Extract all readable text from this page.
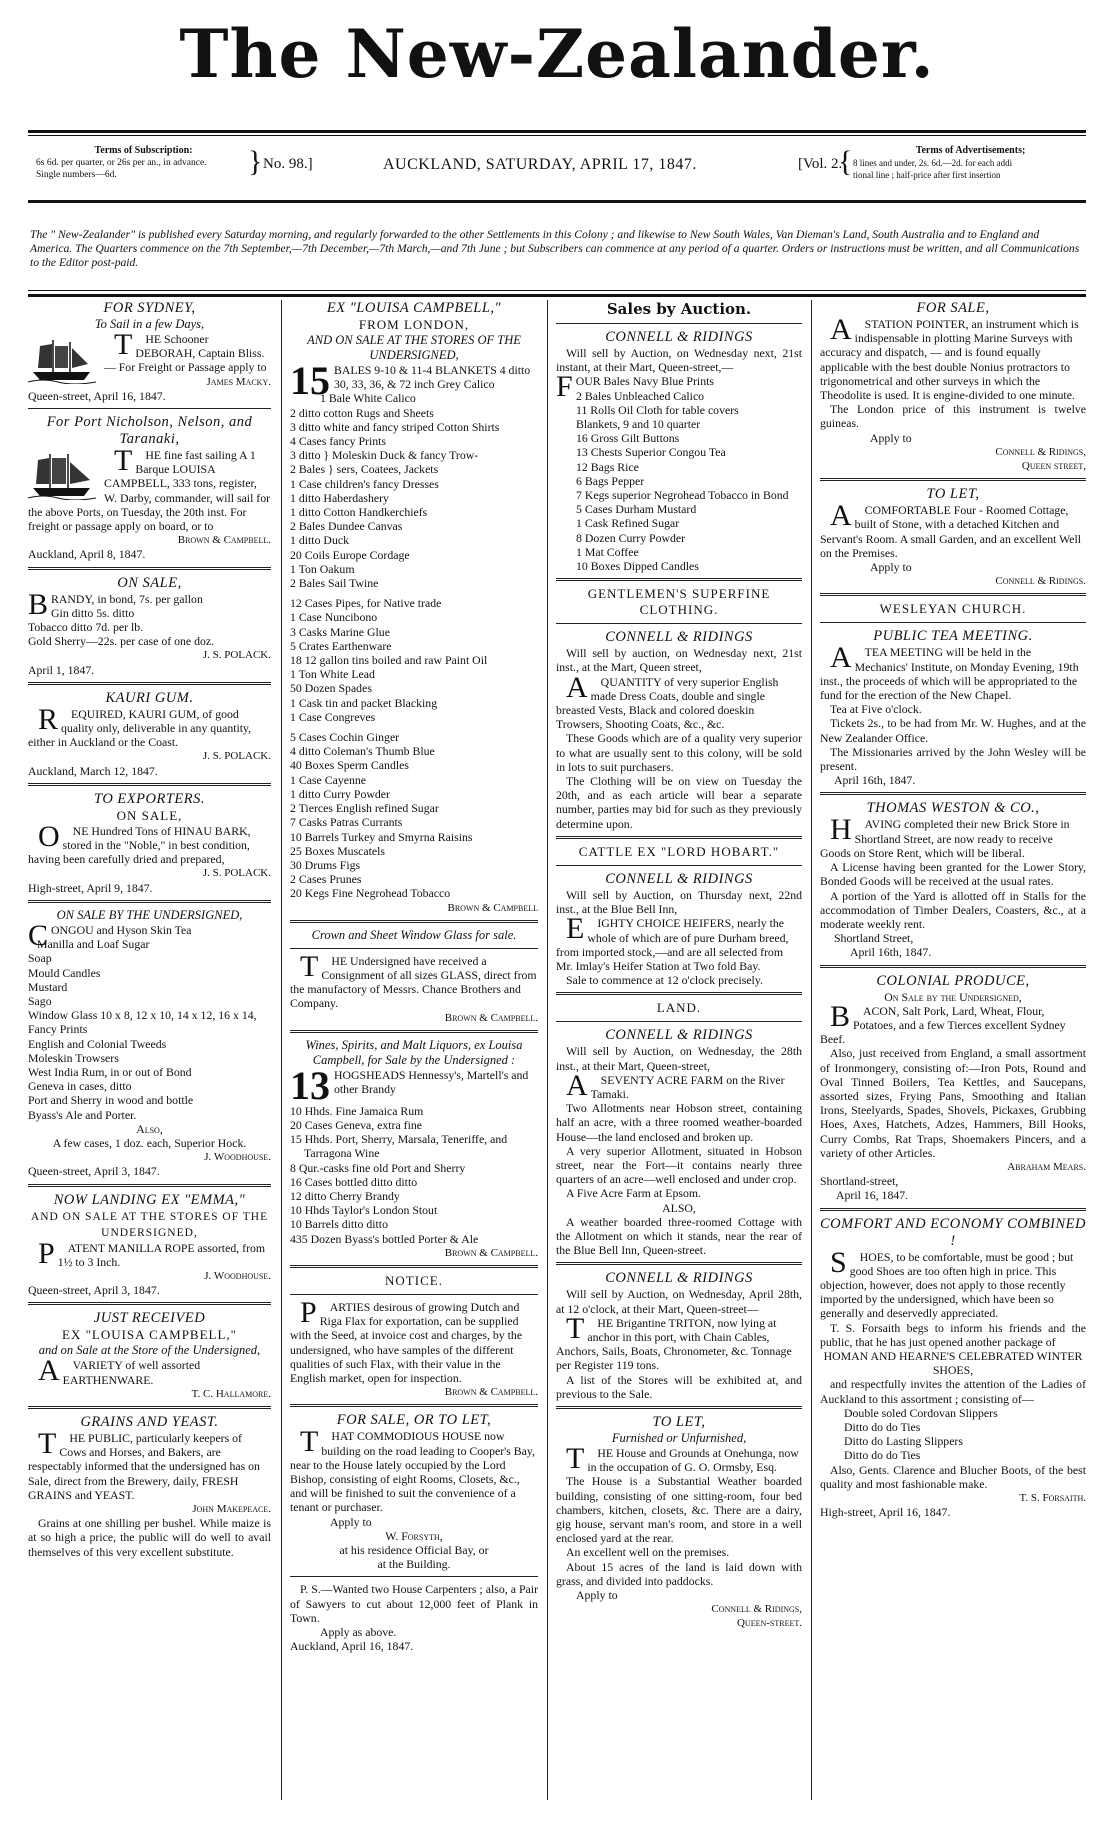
The New-Zealander.
Terms of Subscription:
6s 6d. per quarter, or 26s per an., in advance.
Single numbers—6d.	} No. 98.]	AUCKLAND, SATURDAY, APRIL 17, 1847.	[Vol. 2.
{	Terms of Advertisements;
8 lines and under, 2s. 6d.—2d. for each addi
tional line ; half-price after first insertion
The " New-Zealander" is published every Saturday morning, and regularly forwarded to the other Settlements in this Colony ; and likewise to New South Wales, Van Dieman's Land, South Australia and to England and America. The Quarters commence on the 7th September,—7th December,—7th March,—and 7th June ; but Subscribers can commence at any period of a quarter. Orders or instructions must be written, and all Communications to the Editor post-paid.
FOR SYDNEY,
To Sail in a few Days,
T HE Schooner DEBORAH, Captain Bliss. — For Freight or Passage apply to
James Macky.
Queen-street, April 16, 1847.
For Port Nicholson, Nelson, and Taranaki,
T HE fine fast sailing A 1 Barque LOUISA CAMPBELL, 333 tons, register, W. Darby, commander, will sail for the above Ports, on Tuesday, the 20th inst. For freight or passage apply on board, or to
Brown & Campbell.
Auckland, April 8, 1847.
ON SALE,
BRANDY, in bond, 7s. per gallon
Gin ditto 5s. ditto
Tobacco ditto 7d. per lb.
Gold Sherry—22s. per case of one doz.
J. S. POLACK.
April 1, 1847.
KAURI GUM.
R EQUIRED, KAURI GUM, of good quality only, deliverable in any quantity, either in Auckland or the Coast.
J. S. POLACK.
Auckland, March 12, 1847.
TO EXPORTERS.
ON SALE,
O NE Hundred Tons of HINAU BARK, stored in the "Noble," in best condition, having been carefully dried and prepared,
J. S. POLACK.
High-street, April 9, 1847.
ON SALE BY THE UNDERSIGNED,
CONGOU and Hyson Skin Tea
Manilla and Loaf Sugar
Soap
Mould Candles
Mustard
Sago
Window Glass 10 x 8, 12 x 10, 14 x 12, 16 x 14,
Fancy Prints
English and Colonial Tweeds
Moleskin Trowsers
West India Rum, in or out of Bond
Geneva in cases, ditto
Port and Sherry in wood and bottle
Byass's Ale and Porter.
Also,
A few cases, 1 doz. each, Superior Hock.
J. Woodhouse.
Queen-street, April 3, 1847.
NOW LANDING EX "EMMA,"
AND ON SALE AT THE STORES OF THE UNDERSIGNED,
P ATENT MANILLA ROPE assorted, from 1½ to 3 Inch.
J. Woodhouse.
Queen-street, April 3, 1847.
JUST RECEIVED
EX "LOUISA CAMPBELL,"
and on Sale at the Store of the Undersigned,
A VARIETY of well assorted EARTHENWARE.
T. C. Hallamore.
GRAINS AND YEAST.
T HE PUBLIC, particularly keepers of Cows and Horses, and Bakers, are respectably informed that the undersigned has on Sale, direct from the Brewery, daily, FRESH GRAINS and YEAST.
John Makepeace.
Grains at one shilling per bushel. While maize is at so high a price, the public will do well to avail themselves of this very excellent substitute.
EX "LOUISA CAMPBELL,"
FROM LONDON,
AND ON SALE AT THE STORES OF THE UNDERSIGNED,
15 BALES 9-10 & 11-4 BLANKETS 4 ditto 30, 33, 36, & 72 inch Grey Calico
1 Bale White Calico
2 ditto cotton Rugs and Sheets
3 ditto white and fancy striped Cotton Shirts
4 Cases fancy Prints
3 ditto } Moleskin Duck & fancy Trow-
2 Bales } sers, Coatees, Jackets
1 Case children's fancy Dresses
1 ditto Haberdashery
1 ditto Cotton Handkerchiefs
2 Bales Dundee Canvas
1 ditto Duck
20 Coils Europe Cordage
1 Ton Oakum
2 Bales Sail Twine
12 Cases Pipes, for Native trade
1 Case Nuncibono
3 Casks Marine Glue
5 Crates Earthenware
18 12 gallon tins boiled and raw Paint Oil
1 Ton White Lead
50 Dozen Spades
1 Cask tin and packet Blacking
1 Case Congreves
5 Cases Cochin Ginger
4 ditto Coleman's Thumb Blue
40 Boxes Sperm Candles
1 Case Cayenne
1 ditto Curry Powder
2 Tierces English refined Sugar
7 Casks Patras Currants
10 Barrels Turkey and Smyrna Raisins
25 Boxes Muscatels
30 Drums Figs
2 Cases Prunes
20 Kegs Fine Negrohead Tobacco
Brown & Campbell
Crown and Sheet Window Glass for sale.
T HE Undersigned have received a Consignment of all sizes GLASS, direct from the manufactory of Messrs. Chance Brothers and Company.
Brown & Campbell.
Wines, Spirits, and Malt Liquors, ex Louisa Campbell, for Sale by the Undersigned :
13 HOGSHEADS Hennessy's, Martell's and other Brandy
10 Hhds. Fine Jamaica Rum
20 Cases Geneva, extra fine
15 Hhds. Port, Sherry, Marsala, Teneriffe, and Tarragona Wine
8 Qur.-casks fine old Port and Sherry
16 Cases bottled ditto ditto
12 ditto Cherry Brandy
10 Hhds Taylor's London Stout
10 Barrels ditto ditto
435 Dozen Byass's bottled Porter & Ale
Brown & Campbell.
NOTICE.
P ARTIES desirous of growing Dutch and Riga Flax for exportation, can be supplied with the Seed, at invoice cost and charges, by the undersigned, who have samples of the different qualities of such Flax, with their value in the English market, open for inspection.
Brown & Campbell.
FOR SALE, OR TO LET,
T HAT COMMODIOUS HOUSE now building on the road leading to Cooper's Bay, near to the House lately occupied by the Lord Bishop, consisting of eight Rooms, Closets, &c., and will be finished to suit the convenience of a tenant or purchaser.
Apply to
W. Forsyth,
at his residence Official Bay, or
at the Building.
P. S.—Wanted two House Carpenters ; also, a Pair of Sawyers to cut about 12,000 feet of Plank in Town.
Apply as above.
Auckland, April 16, 1847.
Sales by Auction.
CONNELL & RIDINGS
Will sell by Auction, on Wednesday next, 21st instant, at their Mart, Queen-street,—
FOUR Bales Navy Blue Prints
2 Bales Unbleached Calico
11 Rolls Oil Cloth for table covers
Blankets, 9 and 10 quarter
16 Gross Gilt Buttons
13 Chests Superior Congou Tea
12 Bags Rice
6 Bags Pepper
7 Kegs superior Negrohead Tobacco in Bond
5 Cases Durham Mustard
1 Cask Refined Sugar
8 Dozen Curry Powder
1 Mat Coffee
10 Boxes Dipped Candles
GENTLEMEN'S SUPERFINE CLOTHING.
CONNELL & RIDINGS
Will sell by auction, on Wednesday next, 21st inst., at the Mart, Queen street,
A QUANTITY of very superior English made Dress Coats, double and single breasted Vests, Black and colored doeskin Trowsers, Shooting Coats, &c., &c.
These Goods which are of a quality very superior to what are usually sent to this colony, will be sold in lots to suit purchasers.
The Clothing will be on view on Tuesday the 20th, and as each article will bear a separate number, parties may bid for such as they previously determine upon.
CATTLE EX "LORD HOBART."
CONNELL & RIDINGS
Will sell by Auction, on Thursday next, 22nd inst., at the Blue Bell Inn,
E IGHTY CHOICE HEIFERS, nearly the whole of which are of pure Durham breed, from imported stock,—and are all selected from Mr. Imlay's Heifer Station at Two fold Bay.
Sale to commence at 12 o'clock precisely.
LAND.
CONNELL & RIDINGS
Will sell by Auction, on Wednesday, the 28th inst., at their Mart, Queen-street,
A SEVENTY ACRE FARM on the River Tamaki.
Two Allotments near Hobson street, containing half an acre, with a three roomed weather-boarded House—the land enclosed and broken up.
A very superior Allotment, situated in Hobson street, near the Fort—it contains nearly three quarters of an acre—well enclosed and under crop.
A Five Acre Farm at Epsom.
ALSO,
A weather boarded three-roomed Cottage with the Allotment on which it stands, near the rear of the Blue Bell Inn, Queen-street.
CONNELL & RIDINGS
Will sell by Auction, on Wednesday, April 28th, at 12 o'clock, at their Mart, Queen-street—
T HE Brigantine TRITON, now lying at anchor in this port, with Chain Cables, Anchors, Sails, Boats, Chronometer, &c. Tonnage per Register 119 tons.
A list of the Stores will be exhibited at, and previous to the Sale.
TO LET,
Furnished or Unfurnished,
T HE House and Grounds at Onehunga, now in the occupation of G. O. Ormsby, Esq.
The House is a Substantial Weather boarded building, consisting of one sitting-room, four bed chambers, kitchen, closets, &c. There are a dairy, gig house, servant man's room, and store in a well enclosed yard at the rear.
An excellent well on the premises.
About 15 acres of the land is laid down with grass, and divided into paddocks.
Apply to
Connell & Ridings,
Queen-street.
FOR SALE,
A STATION POINTER, an instrument which is indispensable in plotting Marine Surveys with accuracy and dispatch, — and is found equally applicable with the best double Nonius protractors to trigonometrical and other surveys in which the Theodolite is used. It is engine-divided to one minute.
The London price of this instrument is twelve guineas.
Apply to
Connell & Ridings,
Queen street,
TO LET,
A COMFORTABLE Four - Roomed Cottage, built of Stone, with a detached Kitchen and Servant's Room. A small Garden, and an excellent Well on the Premises.
Apply to
Connell & Ridings.
WESLEYAN CHURCH.
PUBLIC TEA MEETING.
A TEA MEETING will be held in the Mechanics' Institute, on Monday Evening, 19th inst., the proceeds of which will be appropriated to the fund for the erection of the New Chapel.
Tea at Five o'clock.
Tickets 2s., to be had from Mr. W. Hughes, and at the New Zealander Office.
The Missionaries arrived by the John Wesley will be present.
April 16th, 1847.
THOMAS WESTON & CO.,
H AVING completed their new Brick Store in Shortland Street, are now ready to receive Goods on Store Rent, which will be liberal.
A License having been granted for the Lower Story, Bonded Goods will be received at the usual rates.
A portion of the Yard is allotted off in Stalls for the accommodation of Timber Dealers, Coasters, &c., at a moderate weekly rent.
Shortland Street,
April 16th, 1847.
COLONIAL PRODUCE,
On Sale by the Undersigned,
B ACON, Salt Pork, Lard, Wheat, Flour, Potatoes, and a few Tierces excellent Sydney Beef.
Also, just received from England, a small assortment of Ironmongery, consisting of:—Iron Pots, Round and Oval Tinned Boilers, Tea Kettles, and Saucepans, assorted sizes, Frying Pans, Smoothing and Italian Irons, Steelyards, Spades, Shovels, Pickaxes, Grubbing Hoes, Axes, Hatchets, Adzes, Hammers, Bill Hooks, Curry Combs, Rat Traps, Shoemakers Pincers, and a variety of other Articles.
Abraham Mears.
Shortland-street,
April 16, 1847.
COMFORT AND ECONOMY COMBINED !
S HOES, to be comfortable, must be good ; but good Shoes are too often high in price. This objection, however, does not apply to those recently imported by the undersigned, which have been so generally and deservedly appreciated.
T. S. Forsaith begs to inform his friends and the public, that he has just opened another package of
HOMAN AND HEARNE'S CELEBRATED WINTER SHOES,
and respectfully invites the attention of the Ladies of Auckland to this assortment ; consisting of—
Double soled Cordovan Slippers
Ditto do do Ties
Ditto do Lasting Slippers
Ditto do do Ties
Also, Gents. Clarence and Blucher Boots, of the best quality and most fashionable make.
T. S. Forsaith.
High-street, April 16, 1847.
